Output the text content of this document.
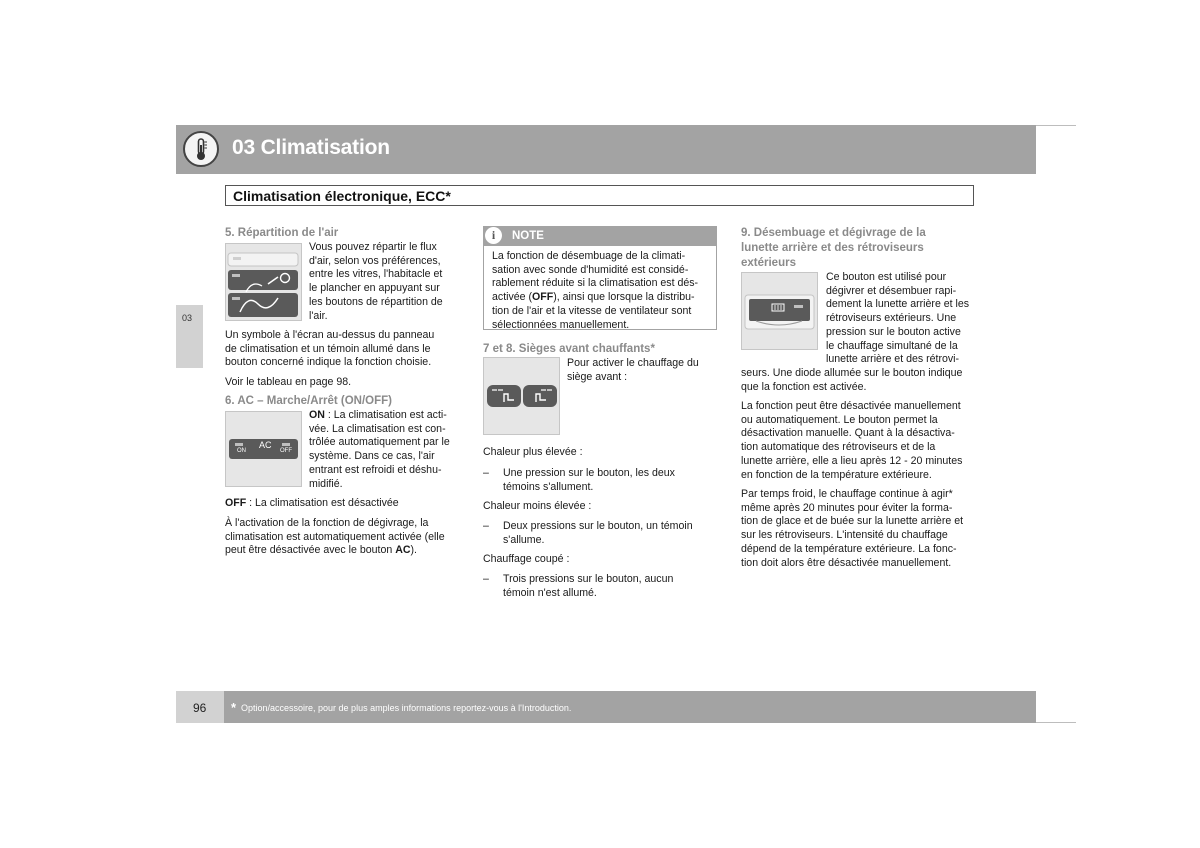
03 Climatisation
Climatisation électronique, ECC*
03
5. Répartition de l'air
Vous pouvez répartir le flux
d'air, selon vos préférences,
entre les vitres, l'habitacle et
le plancher en appuyant sur
les boutons de répartition de
l'air.
Un symbole à l'écran au-dessus du panneau
de climatisation et un témoin allumé dans le
bouton concerné indique la fonction choisie.
Voir le tableau en page 98.
6. AC – Marche/Arrêt (ON/OFF)
AC
ON	OFF
ON : La climatisation est acti-
vée. La climatisation est con-
trôlée automatiquement par le
système. Dans ce cas, l'air
entrant est refroidi et déshu-
midifié.
OFF : La climatisation est désactivée
À l'activation de la fonction de dégivrage, la
climatisation est automatiquement activée (elle
peut être désactivée avec le bouton AC).
i	NOTE
La fonction de désembuage de la climati-
sation avec sonde d'humidité est considé-
rablement réduite si la climatisation est dés-
activée (OFF), ainsi que lorsque la distribu-
tion de l'air et la vitesse de ventilateur sont
sélectionnées manuellement.
7 et 8. Sièges avant chauffants*
Pour activer le chauffage du
siège avant :
Chaleur plus élevée :
– Une pression sur le bouton, les deux
témoins s'allument.
Chaleur moins élevée :
– Deux pressions sur le bouton, un témoin
s'allume.
Chauffage coupé :
– Trois pressions sur le bouton, aucun
témoin n'est allumé.
9. Désembuage et dégivrage de la
lunette arrière et des rétroviseurs
extérieurs
Ce bouton est utilisé pour
dégivrer et désembuer rapi-
dement la lunette arrière et les
rétroviseurs extérieurs. Une
pression sur le bouton active
le chauffage simultané de la
lunette arrière et des rétrovi-
seurs. Une diode allumée sur le bouton indique
que la fonction est activée.
La fonction peut être désactivée manuellement
ou automatiquement. Le bouton permet la
désactivation manuelle. Quant à la désactiva-
tion automatique des rétroviseurs et de la
lunette arrière, elle a lieu après 12 - 20 minutes
en fonction de la température extérieure.
Par temps froid, le chauffage continue à agir*
même après 20 minutes pour éviter la forma-
tion de glace et de buée sur la lunette arrière et
sur les rétroviseurs. L'intensité du chauffage
dépend de la température extérieure. La fonc-
tion doit alors être désactivée manuellement.
96 * Option/accessoire, pour de plus amples informations reportez-vous à l'Introduction.
